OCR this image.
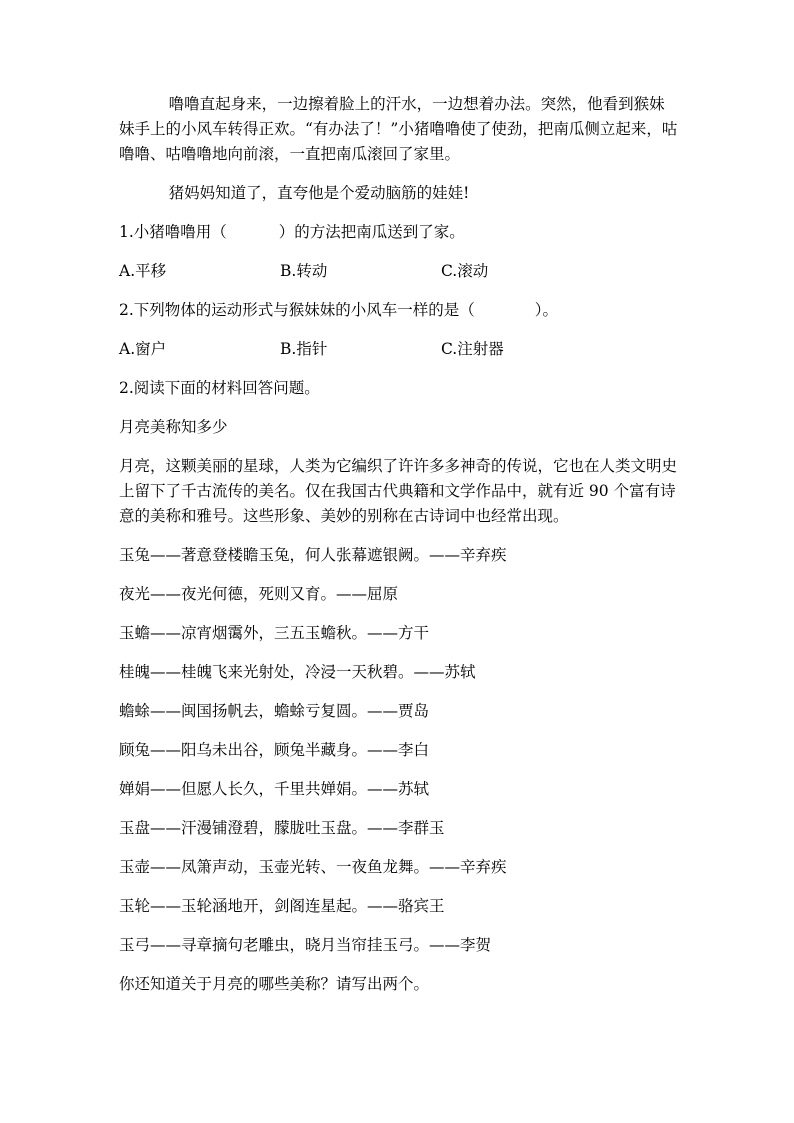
噜噜直起身来，一边擦着脸上的汗水，一边想着办法。突然，他看到猴妹妹手上的小风车转得正欢。“有办法了！”小猪噜噜使了使劲，把南瓜侧立起来，咕噜噜、咕噜噜地向前滚，一直把南瓜滚回了家里。

猪妈妈知道了，直夸他是个爱动脑筋的娃娃!

1.小猪噜噜用（	）的方法把南瓜送到了家。

A.平移	B.转动	C.滚动

2.下列物体的运动形式与猴妹妹的小风车一样的是（	）。

A.窗户	B.指针	C.注射器

2.阅读下面的材料回答问题。

月亮美称知多少

月亮，这颗美丽的星球，人类为它编织了许许多多神奇的传说，它也在人类文明史上留下了千古流传的美名。仅在我国古代典籍和文学作品中，就有近 90 个富有诗意的美称和雅号。这些形象、美妙的别称在古诗词中也经常出现。

玉兔——著意登楼瞻玉兔，何人张幕遮银阙。——辛弃疾

夜光——夜光何德，死则又育。——屈原

玉蟾——凉宵烟霭外，三五玉蟾秋。——方干

桂魄——桂魄飞来光射处，冷浸一天秋碧。——苏轼

蟾蜍——闽国扬帆去，蟾蜍亏复圆。——贾岛

顾兔——阳乌未出谷，顾兔半藏身。——李白

婵娟——但愿人长久，千里共婵娟。——苏轼

玉盘——汗漫铺澄碧，朦胧吐玉盘。——李群玉

玉壶——凤箫声动，玉壶光转、一夜鱼龙舞。——辛弃疾

玉轮——玉轮涵地开，剑阁连星起。——骆宾王

玉弓——寻章摘句老雕虫，晓月当帘挂玉弓。——李贺

你还知道关于月亮的哪些美称？请写出两个。
